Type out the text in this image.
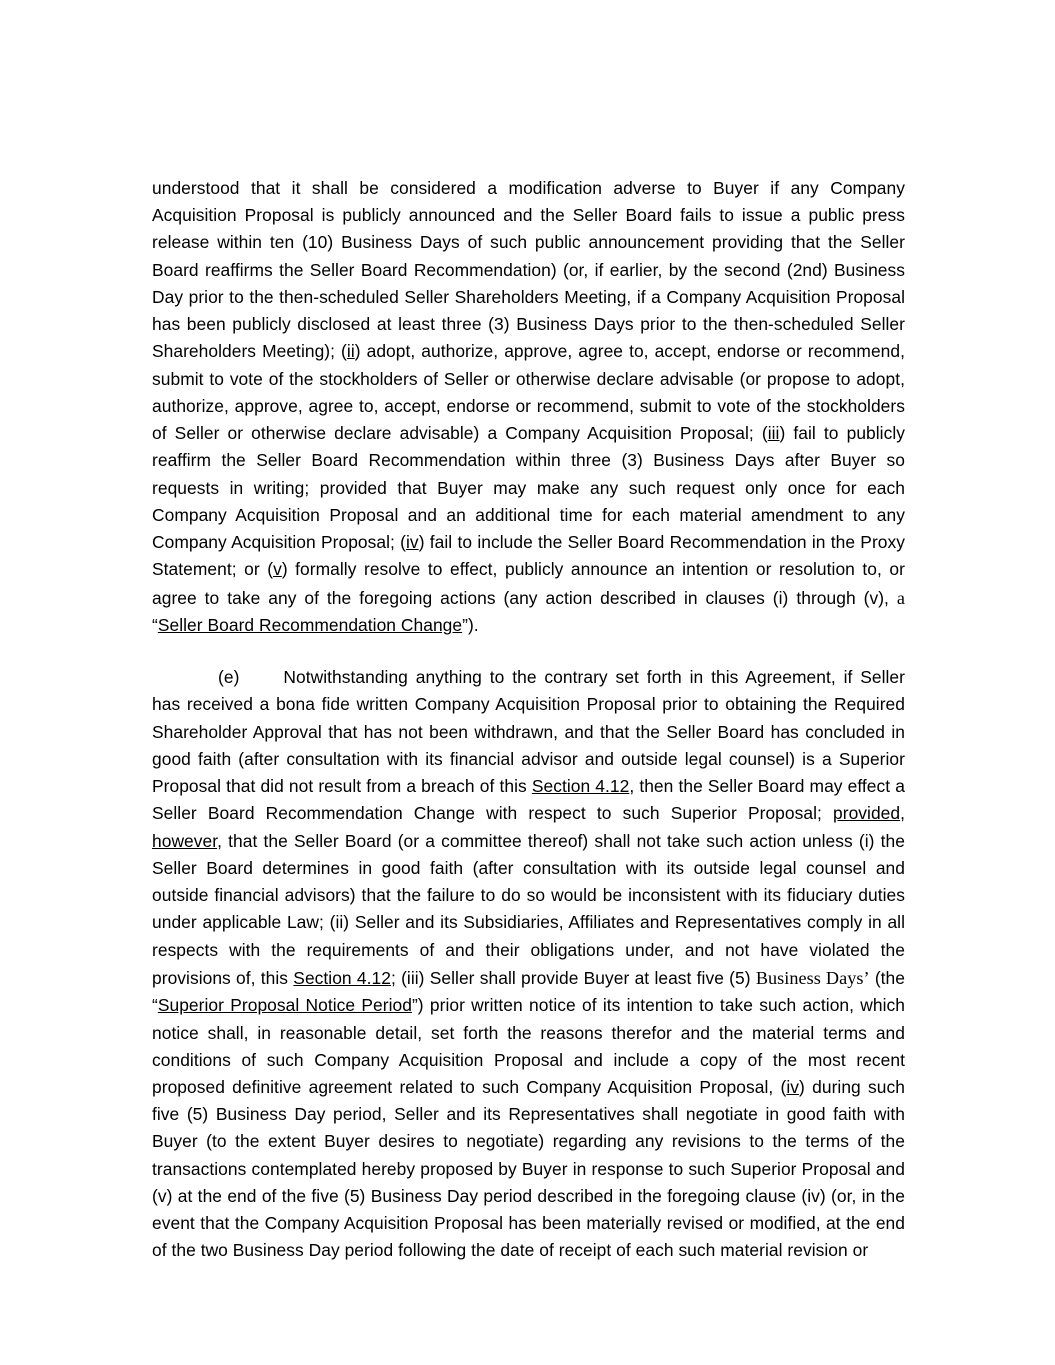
understood that it shall be considered a modification adverse to Buyer if any Company Acquisition Proposal is publicly announced and the Seller Board fails to issue a public press release within ten (10) Business Days of such public announcement providing that the Seller Board reaffirms the Seller Board Recommendation) (or, if earlier, by the second (2nd) Business Day prior to the then-scheduled Seller Shareholders Meeting, if a Company Acquisition Proposal has been publicly disclosed at least three (3) Business Days prior to the then-scheduled Seller Shareholders Meeting); (ii) adopt, authorize, approve, agree to, accept, endorse or recommend, submit to vote of the stockholders of Seller or otherwise declare advisable (or propose to adopt, authorize, approve, agree to, accept, endorse or recommend, submit to vote of the stockholders of Seller or otherwise declare advisable) a Company Acquisition Proposal; (iii) fail to publicly reaffirm the Seller Board Recommendation within three (3) Business Days after Buyer so requests in writing; provided that Buyer may make any such request only once for each Company Acquisition Proposal and an additional time for each material amendment to any Company Acquisition Proposal; (iv) fail to include the Seller Board Recommendation in the Proxy Statement; or (v) formally resolve to effect, publicly announce an intention or resolution to, or agree to take any of the foregoing actions (any action described in clauses (i) through (v), a “Seller Board Recommendation Change”).

(e)	Notwithstanding anything to the contrary set forth in this Agreement, if Seller has received a bona fide written Company Acquisition Proposal prior to obtaining the Required Shareholder Approval that has not been withdrawn, and that the Seller Board has concluded in good faith (after consultation with its financial advisor and outside legal counsel) is a Superior Proposal that did not result from a breach of this Section 4.12, then the Seller Board may effect a Seller Board Recommendation Change with respect to such Superior Proposal; provided, however, that the Seller Board (or a committee thereof) shall not take such action unless (i) the Seller Board determines in good faith (after consultation with its outside legal counsel and outside financial advisors) that the failure to do so would be inconsistent with its fiduciary duties under applicable Law; (ii) Seller and its Subsidiaries, Affiliates and Representatives comply in all respects with the requirements of and their obligations under, and not have violated the provisions of, this Section 4.12; (iii) Seller shall provide Buyer at least five (5) Business Days’ (the “Superior Proposal Notice Period”) prior written notice of its intention to take such action, which notice shall, in reasonable detail, set forth the reasons therefor and the material terms and conditions of such Company Acquisition Proposal and include a copy of the most recent proposed definitive agreement related to such Company Acquisition Proposal, (iv) during such five (5) Business Day period, Seller and its Representatives shall negotiate in good faith with Buyer (to the extent Buyer desires to negotiate) regarding any revisions to the terms of the transactions contemplated hereby proposed by Buyer in response to such Superior Proposal and (v) at the end of the five (5) Business Day period described in the foregoing clause (iv) (or, in the event that the Company Acquisition Proposal has been materially revised or modified, at the end of the two Business Day period following the date of receipt of each such material revision or
